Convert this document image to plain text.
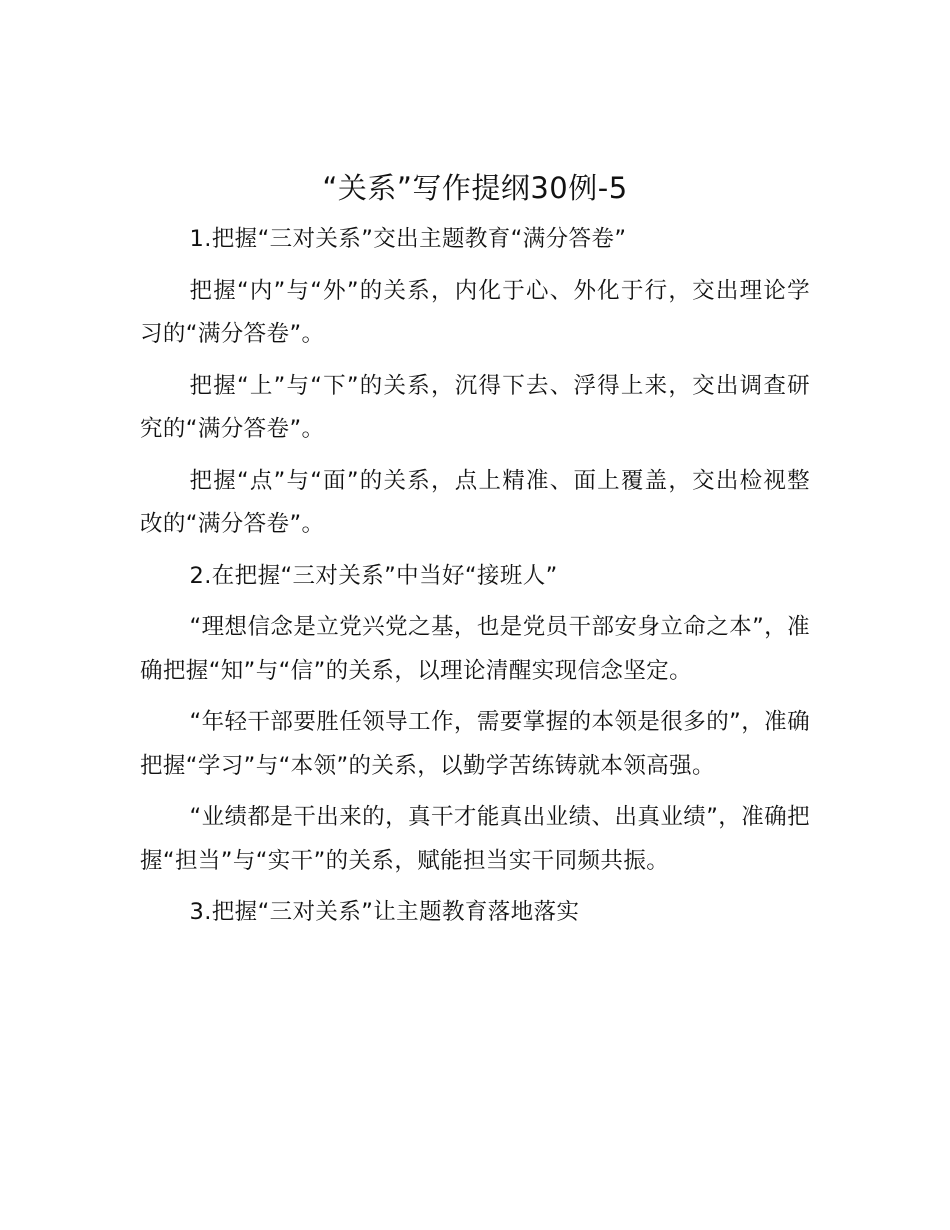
“关系”写作提纲30例-5

1.把握“三对关系”交出主题教育“满分答卷”

把握“内”与“外”的关系，内化于心、外化于行，交出理论学习的“满分答卷”。

把握“上”与“下”的关系，沉得下去、浮得上来，交出调查研究的“满分答卷”。

把握“点”与“面”的关系，点上精准、面上覆盖，交出检视整改的“满分答卷”。

2.在把握“三对关系”中当好“接班人”

“理想信念是立党兴党之基，也是党员干部安身立命之本”，准确把握“知”与“信”的关系，以理论清醒实现信念坚定。

“年轻干部要胜任领导工作，需要掌握的本领是很多的”，准确把握“学习”与“本领”的关系，以勤学苦练铸就本领高强。

“业绩都是干出来的，真干才能真出业绩、出真业绩”，准确把握“担当”与“实干”的关系，赋能担当实干同频共振。

3.把握“三对关系”让主题教育落地落实
